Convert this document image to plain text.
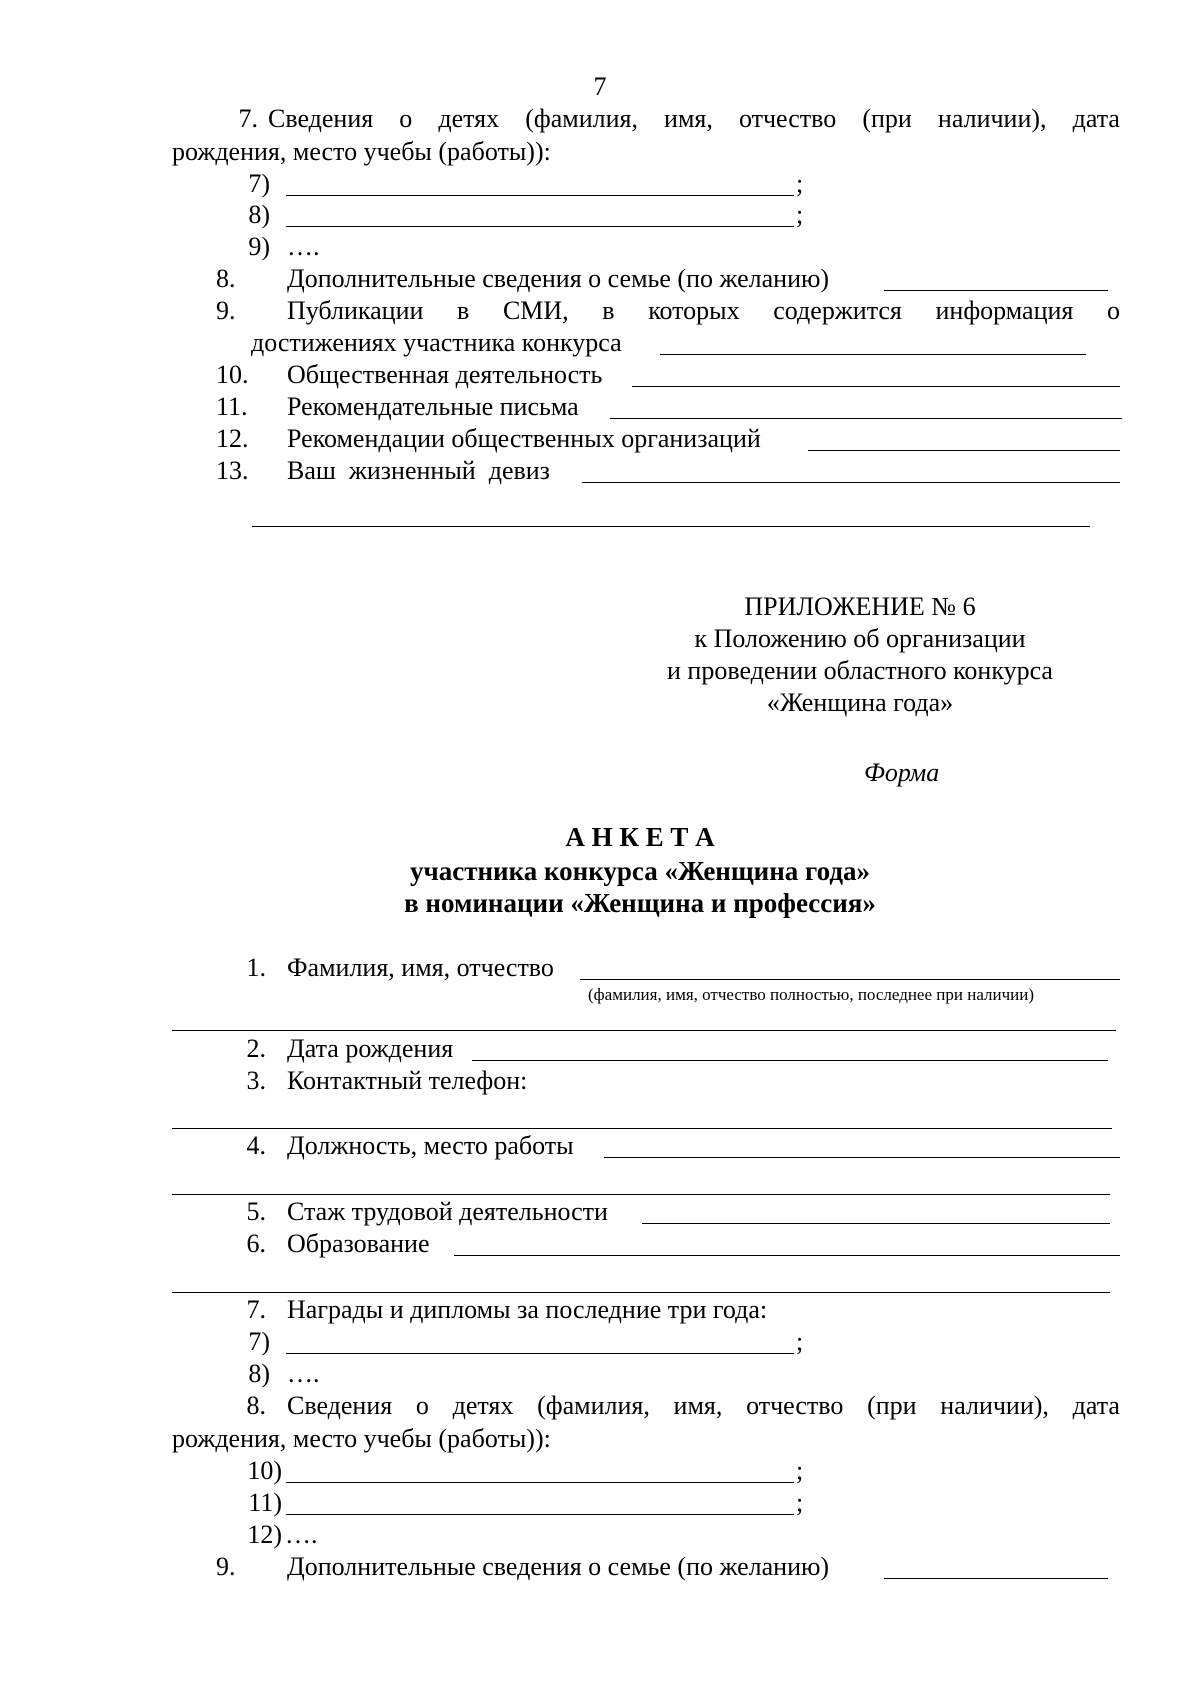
7
7. Сведения о детях (фамилия, имя, отчество (при наличии), дата
рождения, место учебы (работы)):
7)	;
8)	;
9) ….
8. Дополнительные сведения о семье (по желанию)
9. Публикации в СМИ, в которых содержится информация о
достижениях участника конкурса
10. Общественная деятельность
11. Рекомендательные письма
12. Рекомендации общественных организаций
13. Ваш  жизненный  девиз
ПРИЛОЖЕНИЕ № 6
к Положению об организации
и проведении областного конкурса
«Женщина года»
Форма
А Н К Е Т А
участника конкурса «Женщина года»
в номинации «Женщина и профессия»
1. Фамилия, имя, отчество
(фамилия, имя, отчество полностью, последнее при наличии)
2. Дата рождения
3. Контактный телефон:
4. Должность, место работы
5. Стаж трудовой деятельности
6. Образование
7. Награды и дипломы за последние три года:
7)	;
8) ….
8. Сведения о детях (фамилия, имя, отчество (при наличии), дата
рождения, место учебы (работы)):
10)	;
11)	;
12) ….
9. Дополнительные сведения о семье (по желанию)
